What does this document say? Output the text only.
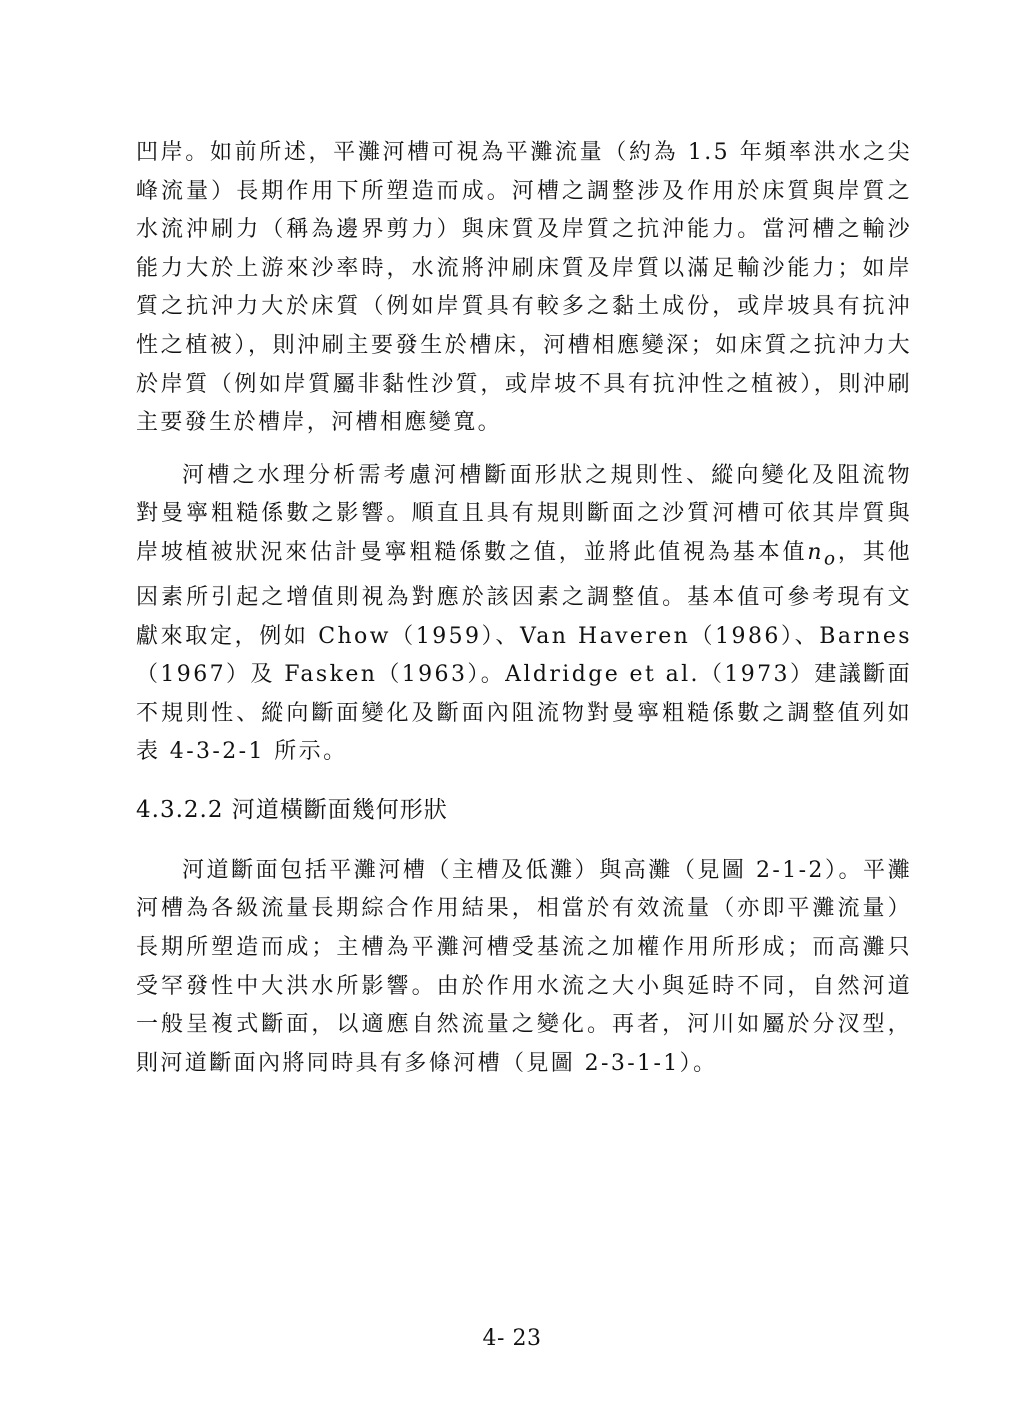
凹岸。如前所述，平灘河槽可視為平灘流量（約為 1.5 年頻率洪水之尖峰流量）長期作用下所塑造而成。河槽之調整涉及作用於床質與岸質之水流沖刷力（稱為邊界剪力）與床質及岸質之抗沖能力。當河槽之輸沙能力大於上游來沙率時，水流將沖刷床質及岸質以滿足輸沙能力；如岸質之抗沖力大於床質（例如岸質具有較多之黏土成份，或岸坡具有抗沖性之植被），則沖刷主要發生於槽床，河槽相應變深；如床質之抗沖力大於岸質（例如岸質屬非黏性沙質，或岸坡不具有抗沖性之植被），則沖刷主要發生於槽岸，河槽相應變寬。

河槽之水理分析需考慮河槽斷面形狀之規則性、縱向變化及阻流物對曼寧粗糙係數之影響。順直且具有規則斷面之沙質河槽可依其岸質與岸坡植被狀況來估計曼寧粗糙係數之值，並將此值視為基本值$n_o$，其他因素所引起之增值則視為對應於該因素之調整值。基本值可參考現有文獻來取定，例如 Chow（1959）、Van Haveren（1986）、Barnes（1967）及 Fasken（1963）。Aldridge et al.（1973）建議斷面不規則性、縱向斷面變化及斷面內阻流物對曼寧粗糙係數之調整值列如表 4-3-2-1 所示。

4.3.2.2 河道橫斷面幾何形狀

河道斷面包括平灘河槽（主槽及低灘）與高灘（見圖 2-1-2）。平灘河槽為各級流量長期綜合作用結果，相當於有效流量（亦即平灘流量）長期所塑造而成；主槽為平灘河槽受基流之加權作用所形成；而高灘只受罕發性中大洪水所影響。由於作用水流之大小與延時不同，自然河道一般呈複式斷面，以適應自然流量之變化。再者，河川如屬於分汊型，則河道斷面內將同時具有多條河槽（見圖 2-3-1-1）。

4- 23
